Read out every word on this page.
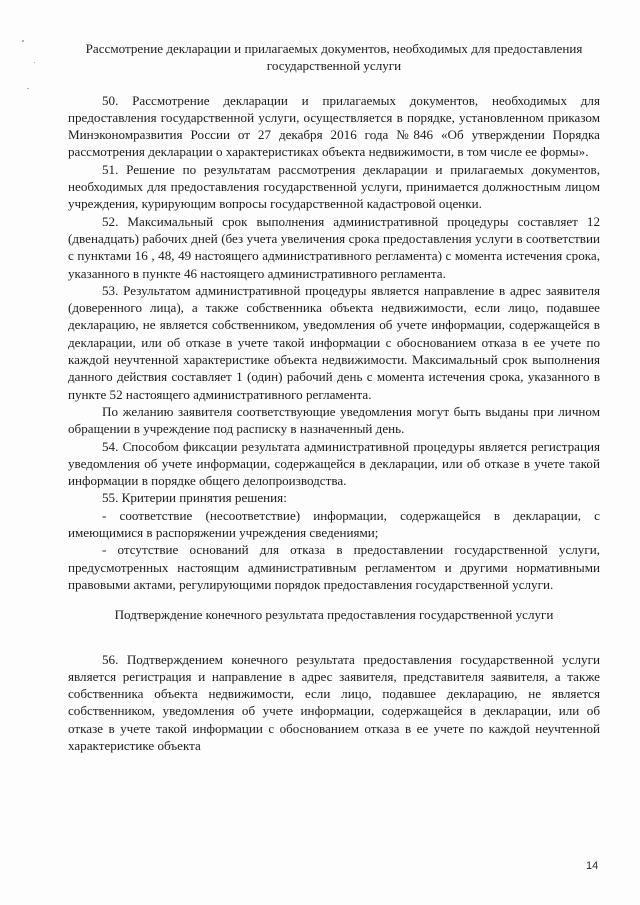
Рассмотрение декларации и прилагаемых документов, необходимых для предоставления государственной услуги

50. Рассмотрение декларации и прилагаемых документов, необходимых для предоставления государственной услуги, осуществляется в порядке, установленном приказом Минэкономразвития России от 27 декабря 2016 года №846 «Об утверждении Порядка рассмотрения декларации о характеристиках объекта недвижимости, в том числе ее формы».

51. Решение по результатам рассмотрения декларации и прилагаемых документов, необходимых для предоставления государственной услуги, принимается должностным лицом учреждения, курирующим вопросы государственной кадастровой оценки.

52. Максимальный срок выполнения административной процедуры составляет 12 (двенадцать) рабочих дней (без учета увеличения срока предоставления услуги в соответствии с пунктами 16 , 48, 49 настоящего административного регламента) с момента истечения срока, указанного в пункте 46 настоящего административного регламента.

53. Результатом административной процедуры является направление в адрес заявителя (доверенного лица), а также собственника объекта недвижимости, если лицо, подавшее декларацию, не является собственником, уведомления об учете информации, содержащейся в декларации, или об отказе в учете такой информации с обоснованием отказа в ее учете по каждой неучтенной характеристике объекта недвижимости. Максимальный срок выполнения данного действия составляет 1 (один) рабочий день с момента истечения срока, указанного в пункте 52 настоящего административного регламента.

По желанию заявителя соответствующие уведомления могут быть выданы при личном обращении в учреждение под расписку в назначенный день.

54. Способом фиксации результата административной процедуры является регистрация уведомления об учете информации, содержащейся в декларации, или об отказе в учете такой информации в порядке общего делопроизводства.

55. Критерии принятия решения:

- соответствие (несоответствие) информации, содержащейся в декларации, с имеющимися в распоряжении учреждения сведениями;

- отсутствие оснований для отказа в предоставлении государственной услуги, предусмотренных настоящим административным регламентом и другими нормативными правовыми актами, регулирующими порядок предоставления государственной услуги.

Подтверждение конечного результата предоставления государственной услуги

56. Подтверждением конечного результата предоставления государственной услуги является регистрация и направление в адрес заявителя, представителя заявителя, а также собственника объекта недвижимости, если лицо, подавшее декларацию, не является собственником, уведомления об учете информации, содержащейся в декларации, или об отказе в учете такой информации с обоснованием отказа в ее учете по каждой неучтенной характеристике объекта

14
